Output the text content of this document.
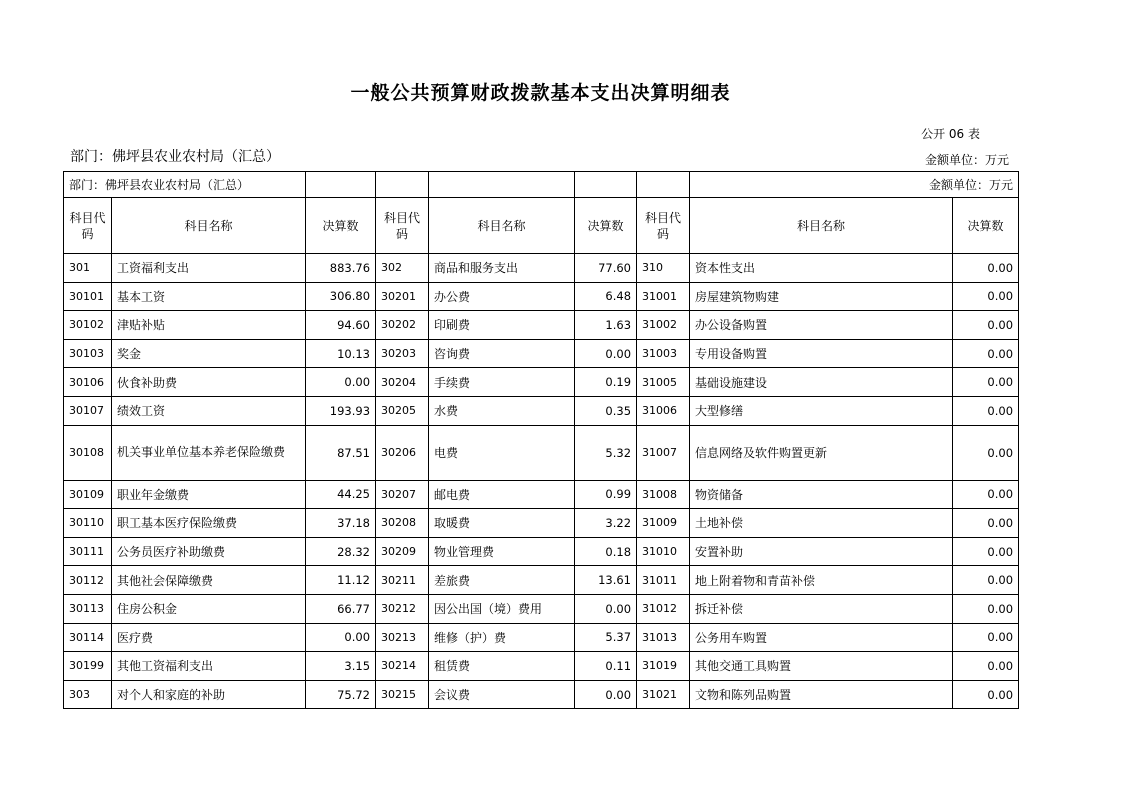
一般公共预算财政拨款基本支出决算明细表
公开 06 表
部门：佛坪县农业农村局（汇总）	金额单位：万元
部门：佛坪县农业农村局（汇总）							金额单位：万元	
科目代码	科目名称	决算数	科目代码	科目名称	决算数	科目代码	科目名称	决算数
301	工资福利支出	883.76	302	商品和服务支出	77.60	310	资本性支出	0.00
30101	基本工资	306.80	30201	办公费	6.48	31001	房屋建筑物购建	0.00
30102	津贴补贴	94.60	30202	印刷费	1.63	31002	办公设备购置	0.00
30103	奖金	10.13	30203	咨询费	0.00	31003	专用设备购置	0.00
30106	伙食补助费	0.00	30204	手续费	0.19	31005	基础设施建设	0.00
30107	绩效工资	193.93	30205	水费	0.35	31006	大型修缮	0.00
30108	机关事业单位基本养老保险缴费	87.51	30206	电费	5.32	31007	信息网络及软件购置更新	0.00
30109	职业年金缴费	44.25	30207	邮电费	0.99	31008	物资储备	0.00
30110	职工基本医疗保险缴费	37.18	30208	取暖费	3.22	31009	土地补偿	0.00
30111	公务员医疗补助缴费	28.32	30209	物业管理费	0.18	31010	安置补助	0.00
30112	其他社会保障缴费	11.12	30211	差旅费	13.61	31011	地上附着物和青苗补偿	0.00
30113	住房公积金	66.77	30212	因公出国（境）费用	0.00	31012	拆迁补偿	0.00
30114	医疗费	0.00	30213	维修（护）费	5.37	31013	公务用车购置	0.00
30199	其他工资福利支出	3.15	30214	租赁费	0.11	31019	其他交通工具购置	0.00
303	对个人和家庭的补助	75.72	30215	会议费	0.00	31021	文物和陈列品购置	0.00
